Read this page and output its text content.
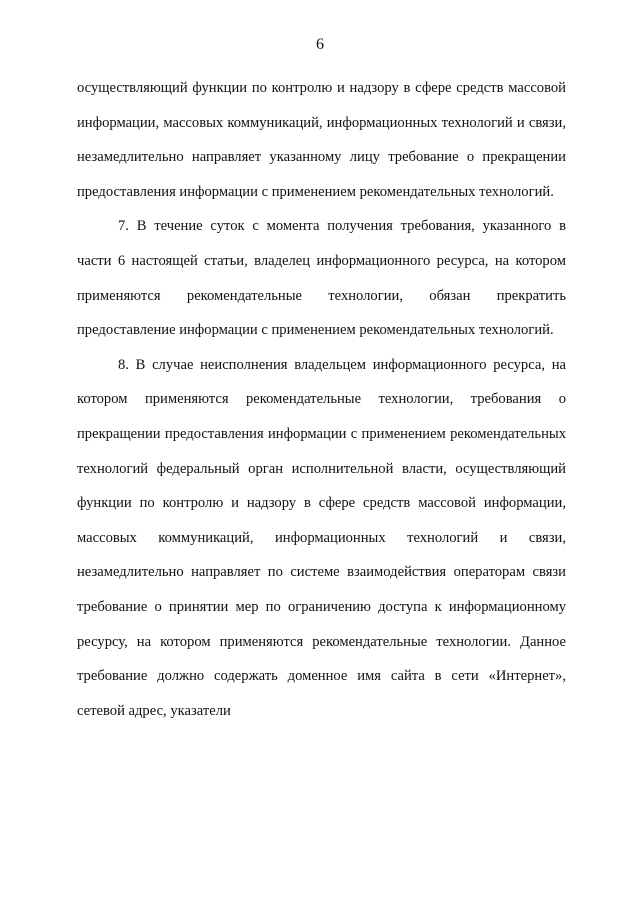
6

осуществляющий функции по контролю и надзору в сфере средств массовой информации, массовых коммуникаций, информационных технологий и связи, незамедлительно направляет указанному лицу требование о прекращении предоставления информации с применением рекомендательных технологий.

7. В течение суток с момента получения требования, указанного в части 6 настоящей статьи, владелец информационного ресурса, на котором применяются рекомендательные технологии, обязан прекратить предоставление информации с применением рекомендательных технологий.

8. В случае неисполнения владельцем информационного ресурса, на котором применяются рекомендательные технологии, требования о прекращении предоставления информации с применением рекомендательных технологий федеральный орган исполнительной власти, осуществляющий функции по контролю и надзору в сфере средств массовой информации, массовых коммуникаций, информационных технологий и связи, незамедлительно направляет по системе взаимодействия операторам связи требование о принятии мер по ограничению доступа к информационному ресурсу, на котором применяются рекомендательные технологии. Данное требование должно содержать доменное имя сайта в сети «Интернет», сетевой адрес, указатели
